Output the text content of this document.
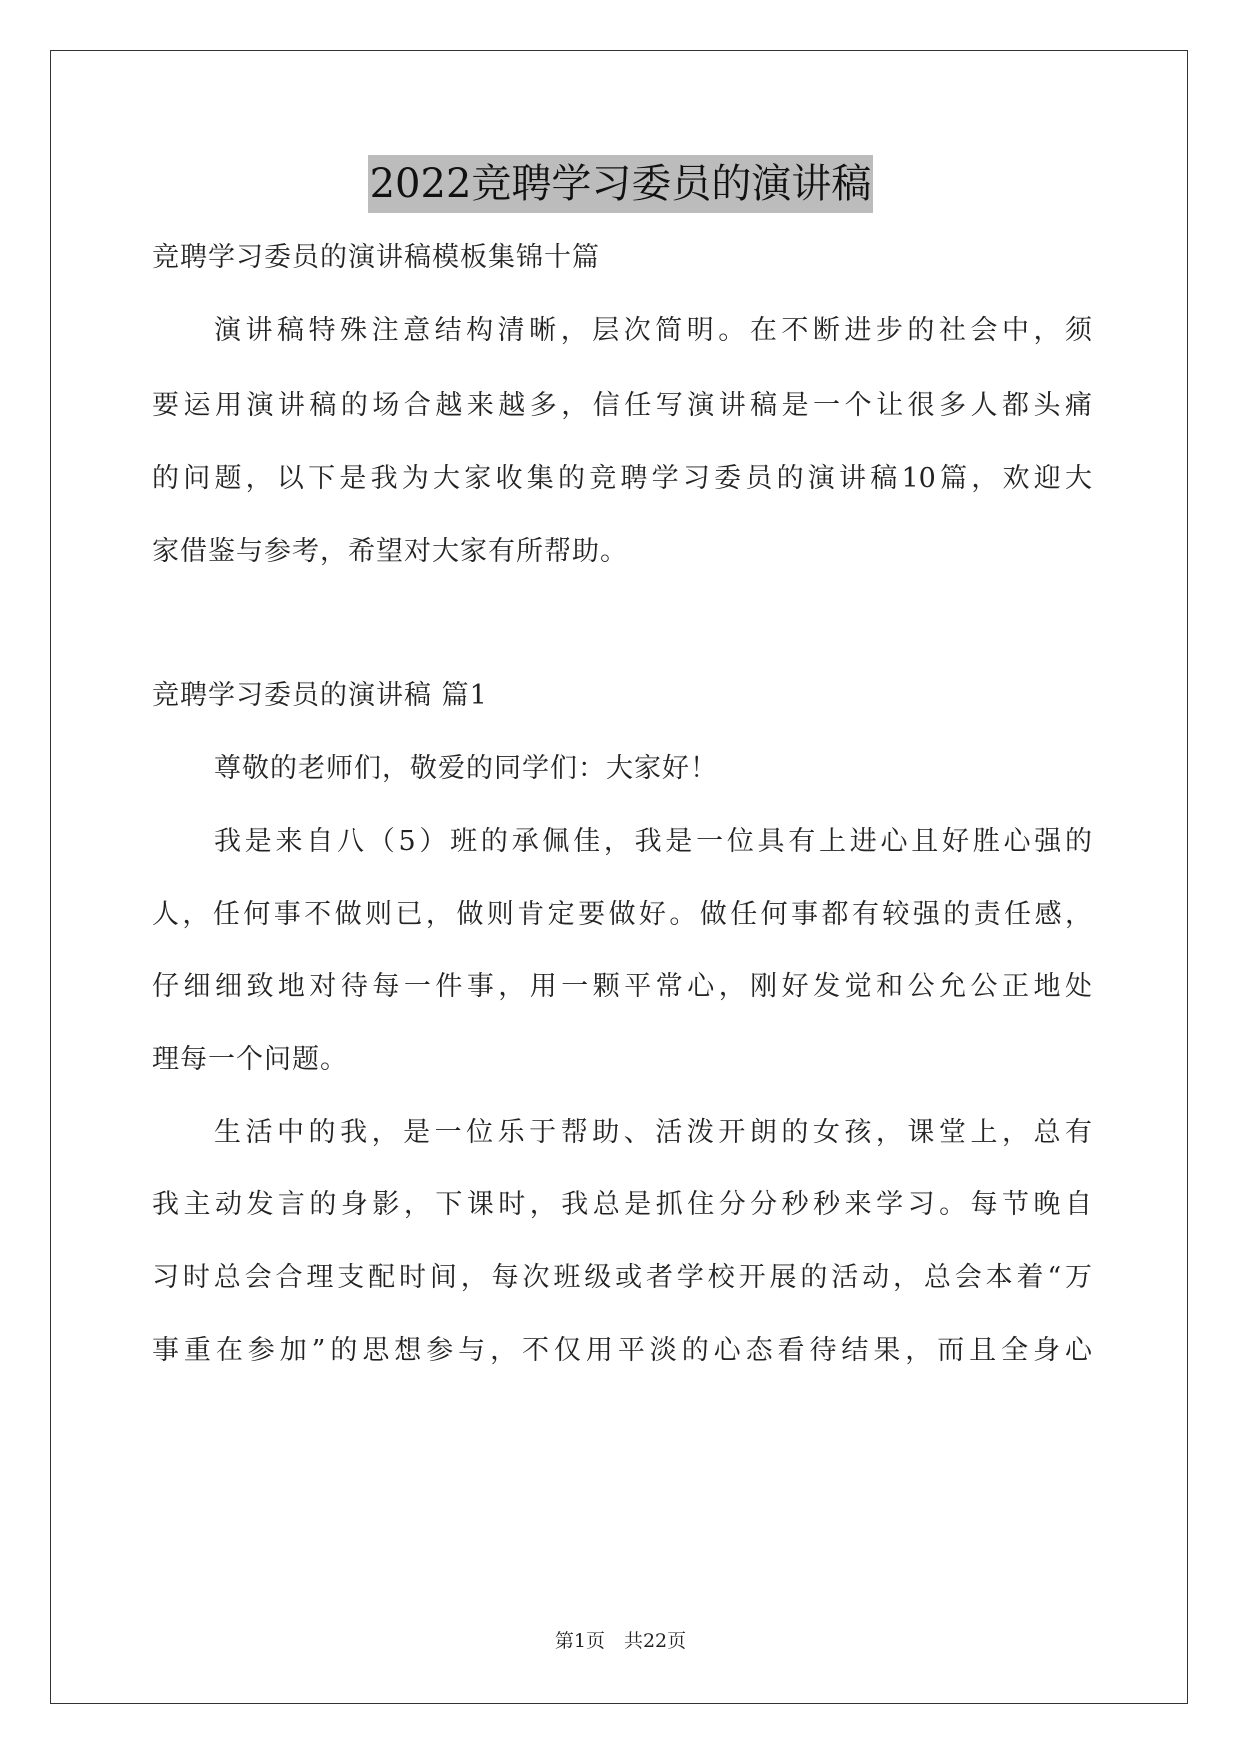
2022竞聘学习委员的演讲稿
竞聘学习委员的演讲稿模板集锦十篇
演讲稿特殊注意结构清晰，层次简明。在不断进步的社会中，须
要运用演讲稿的场合越来越多，信任写演讲稿是一个让很多人都头痛
的问题，以下是我为大家收集的竞聘学习委员的演讲稿10篇，欢迎大
家借鉴与参考，希望对大家有所帮助。
竞聘学习委员的演讲稿 篇1
尊敬的老师们，敬爱的同学们：大家好！
我是来自八（5）班的承佩佳，我是一位具有上进心且好胜心强的
人，任何事不做则已，做则肯定要做好。做任何事都有较强的责任感，
仔细细致地对待每一件事，用一颗平常心，刚好发觉和公允公正地处
理每一个问题。
生活中的我，是一位乐于帮助、活泼开朗的女孩，课堂上，总有
我主动发言的身影，下课时，我总是抓住分分秒秒来学习。每节晚自
习时总会合理支配时间，每次班级或者学校开展的活动，总会本着“万
事重在参加”的思想参与，不仅用平淡的心态看待结果，而且全身心
第1页　共22页
